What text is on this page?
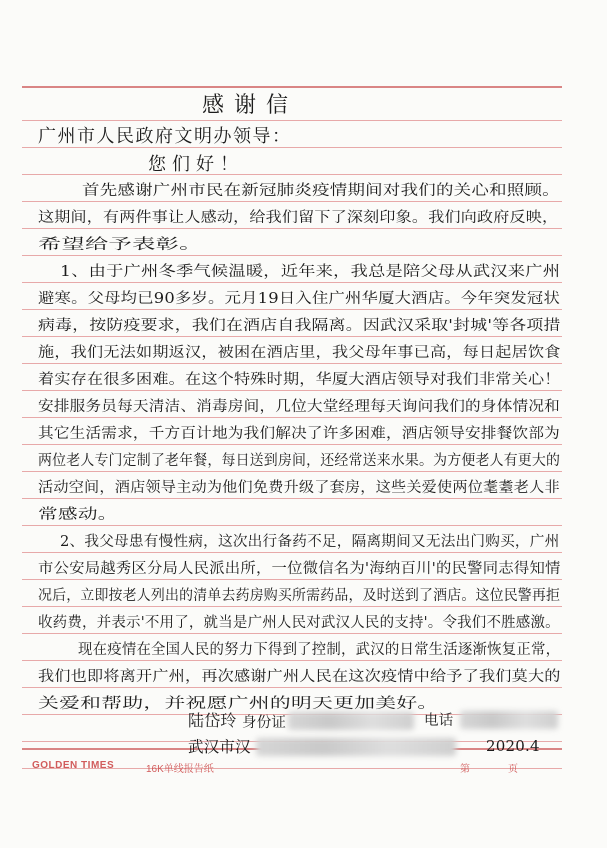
感谢信
广州市人民政府文明办领导：
您们好！
首先感谢广州市民在新冠肺炎疫情期间对我们的关心和照顾。
这期间，有两件事让人感动，给我们留下了深刻印象。我们向政府反映，
希望给予表彰。
1、由于广州冬季气候温暖，近年来，我总是陪父母从武汉来广州
避寒。父母均已90多岁。元月19日入住广州华厦大酒店。今年突发冠状
病毒，按防疫要求，我们在酒店自我隔离。因武汉采取'封城'等各项措
施，我们无法如期返汉，被困在酒店里，我父母年事已高，每日起居饮食
着实存在很多困难。在这个特殊时期，华厦大酒店领导对我们非常关心！
安排服务员每天清洁、消毒房间，几位大堂经理每天询问我们的身体情况和
其它生活需求，千方百计地为我们解决了许多困难，酒店领导安排餐饮部为
两位老人专门定制了老年餐，每日送到房间，还经常送来水果。为方便老人有更大的
活动空间，酒店领导主动为他们免费升级了套房，这些关爱使两位耄耋老人非
常感动。
2、我父母患有慢性病，这次出行备药不足，隔离期间又无法出门购买，广州
市公安局越秀区分局人民派出所，一位微信名为'海纳百川'的民警同志得知情
况后，立即按老人列出的清单去药房购买所需药品，及时送到了酒店。这位民警再拒
收药费，并表示'不用了，就当是广州人民对武汉人民的支持'。令我们不胜感激。
现在疫情在全国人民的努力下得到了控制，武汉的日常生活逐渐恢复正常，
我们也即将离开广州，再次感谢广州人民在这次疫情中给予了我们莫大的
关爱和帮助，并祝愿广州的明天更加美好。
陆岱玲 身份证	电话
武汉市汉	2020.4
GOLDEN TIMES	16K单线报告纸	第	页
